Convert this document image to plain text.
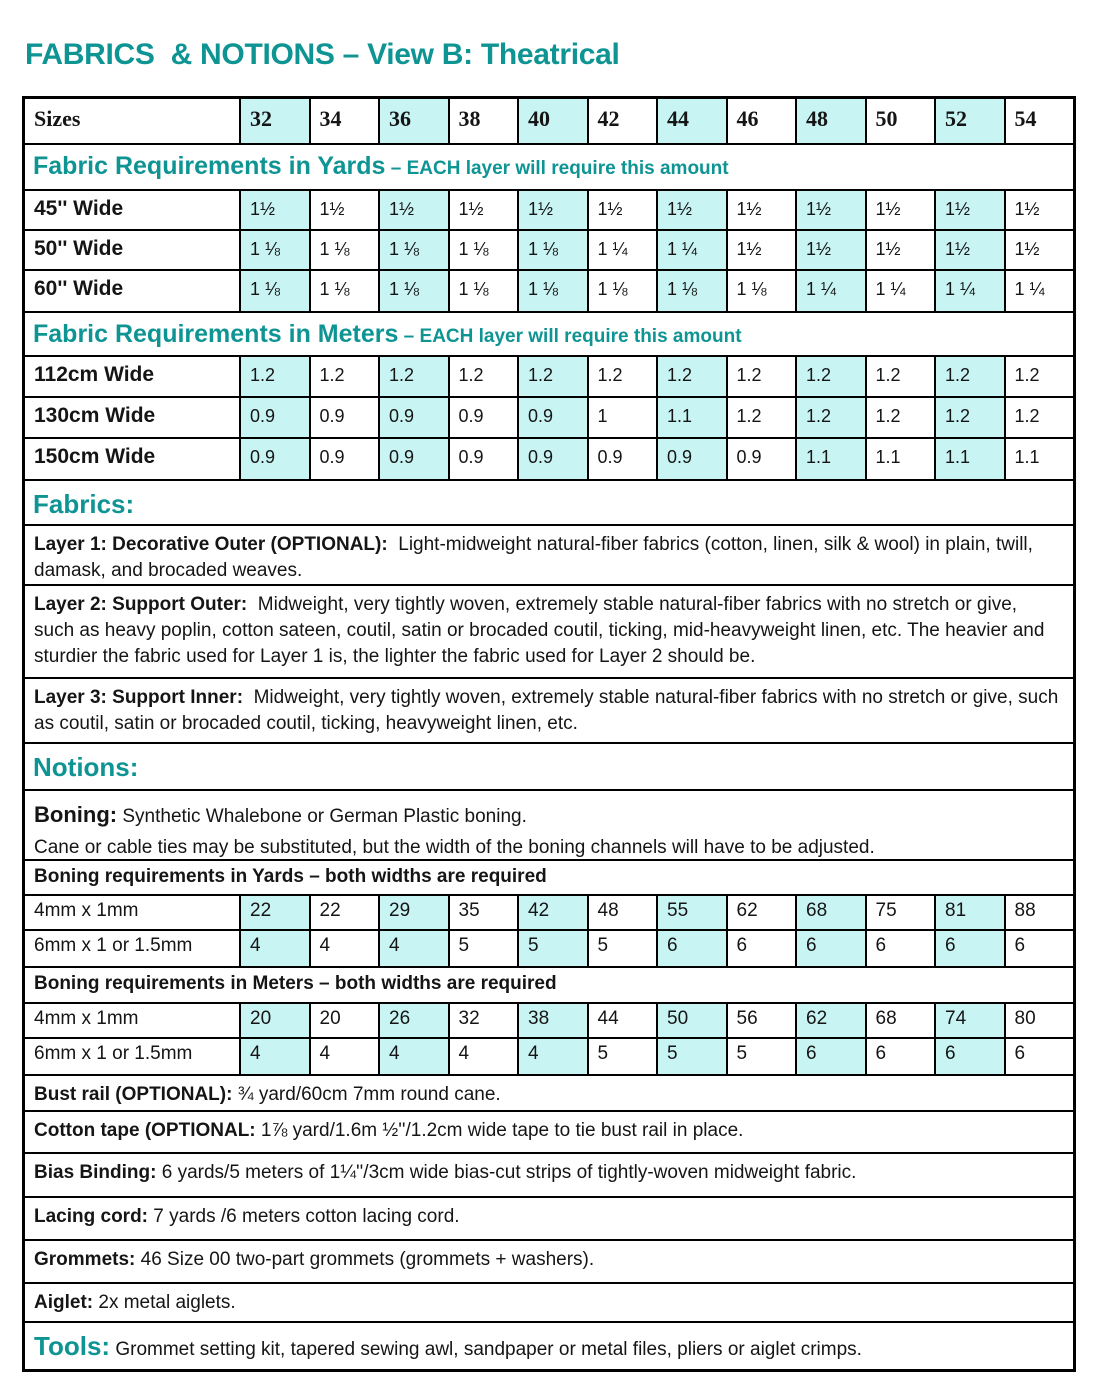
FABRICS  & NOTIONS – View B: Theatrical
Sizes	32	34	36	38	40	42	44	46	48	50	52	54
Fabric Requirements in Yards – EACH layer will require this amount
45'' Wide	1½	1½	1½	1½	1½	1½	1½	1½	1½	1½	1½	1½
50'' Wide	1 ⅛	1 ⅛	1 ⅛	1 ⅛	1 ⅛	1 ¼	1 ¼	1½	1½	1½	1½	1½
60'' Wide	1 ⅛	1 ⅛	1 ⅛	1 ⅛	1 ⅛	1 ⅛	1 ⅛	1 ⅛	1 ¼	1 ¼	1 ¼	1 ¼
Fabric Requirements in Meters – EACH layer will require this amount
112cm Wide	1.2	1.2	1.2	1.2	1.2	1.2	1.2	1.2	1.2	1.2	1.2	1.2
130cm Wide	0.9	0.9	0.9	0.9	0.9	1	1.1	1.2	1.2	1.2	1.2	1.2
150cm Wide	0.9	0.9	0.9	0.9	0.9	0.9	0.9	0.9	1.1	1.1	1.1	1.1
Fabrics:
Layer 1: Decorative Outer (OPTIONAL):  Light-midweight natural-fiber fabrics (cotton, linen, silk & wool) in plain, twill, damask, and brocaded weaves.
Layer 2: Support Outer:  Midweight, very tightly woven, extremely stable natural-fiber fabrics with no stretch or give, such as heavy poplin, cotton sateen, coutil, satin or brocaded coutil, ticking, mid-heavyweight linen, etc. The heavier and sturdier the fabric used for Layer 1 is, the lighter the fabric used for Layer 2 should be.
Layer 3: Support Inner:  Midweight, very tightly woven, extremely stable natural-fiber fabrics with no stretch or give, such as coutil, satin or brocaded coutil, ticking, heavyweight linen, etc.
Notions:
Boning: Synthetic Whalebone or German Plastic boning.
Cane or cable ties may be substituted, but the width of the boning channels will have to be adjusted.
Boning requirements in Yards – both widths are required
4mm x 1mm	22	22	29	35	42	48	55	62	68	75	81	88
6mm x 1 or 1.5mm	4	4	4	5	5	5	6	6	6	6	6	6
Boning requirements in Meters – both widths are required
4mm x 1mm	20	20	26	32	38	44	50	56	62	68	74	80
6mm x 1 or 1.5mm	4	4	4	4	4	5	5	5	6	6	6	6
Bust rail (OPTIONAL): ¾ yard/60cm 7mm round cane.
Cotton tape (OPTIONAL: 1⅞ yard/1.6m ½''/1.2cm wide tape to tie bust rail in place.
Bias Binding: 6 yards/5 meters of 1¼''/3cm wide bias-cut strips of tightly-woven midweight fabric.
Lacing cord: 7 yards /6 meters cotton lacing cord.
Grommets: 46 Size 00 two-part grommets (grommets + washers).
Aiglet: 2x metal aiglets.
Tools: Grommet setting kit, tapered sewing awl, sandpaper or metal files, pliers or aiglet crimps.
